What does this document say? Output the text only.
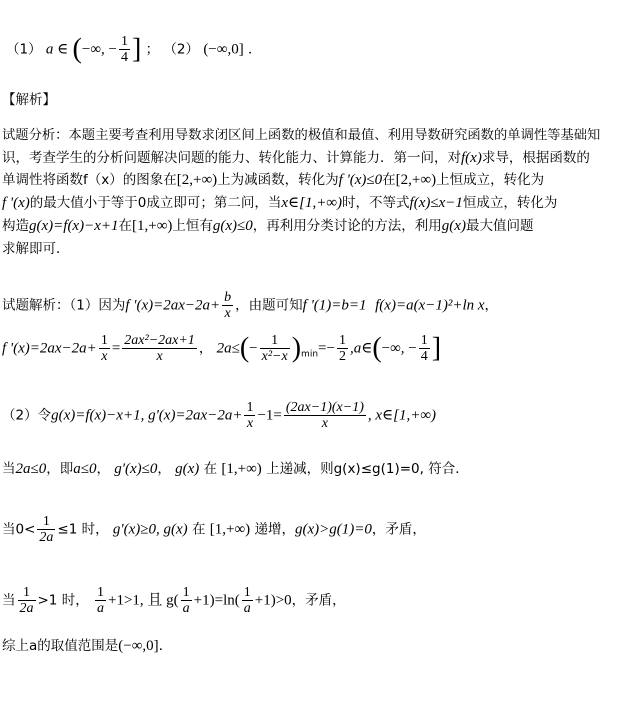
（1） a ∈ (−∞, − $\frac{1}{4}$ ] ； （2） (−∞,0] ．
【解析】
试题分析：本题主要考查利用导数求闭区间上函数的极值和最值、利用导数研究函数的单调性等基础知
识，考查学生的分析问题解决问题的能力、转化能力、计算能力．第一问，对f(x)求导，根据函数的
单调性将函数f（x）的图象在[2,+∞)上为减函数，转化为f '(x)≤0在[2,+∞)上恒成立，转化为
f '(x)的最大值小于等于0成立即可；第二问，当x∈[1,+∞)时，不等式f(x)≤x−1恒成立，转化为
构造g(x)=f(x)−x+1在[1,+∞)上恒有g(x)≤0，再利用分类讨论的方法，利用g(x)最大值问题
求解即可．
试题解析：（1）因为f '$(x)=2ax-2a+ \frac{b}{x}$ ，由题可知f '(1)=b=1 f(x)=a(x−1)²+ln x，
f '$(x)=2ax-2a+ \frac{1}{x} = \frac{\text{2ax²−2ax+1}}{x}$ ， $2a\le(- \frac{1}{\text{x²−x}} )_{min}=- \frac{1}{2}$ ,a∈(−∞, − $\frac{1}{4}$ ]
（2）令g(x)=f(x)−x+1, $g'(x)=2ax-2a+ \frac{1}{x} -1= \frac{(2ax-1)(x-1)}{x}$ , x∈[1,+∞)
当2a≤0，即a≤0， g'(x)≤0， g(x) 在 [1,+∞) 上递减，则g(x)≤g(1)=0, 符合．
当$0< \frac{1}{2a} \le 1$ 时， g'(x)≥0, g(x) 在 [1,+∞) 递增，g(x)>g(1)=0，矛盾，
当 $\frac{1}{2a} >1$ 时， $\frac{1}{a} +1>1$, 且 $g( \frac{1}{a} +1)=\ln( \frac{1}{a} +1)>0$，矛盾，
综上a的取值范围是(−∞,0]．
